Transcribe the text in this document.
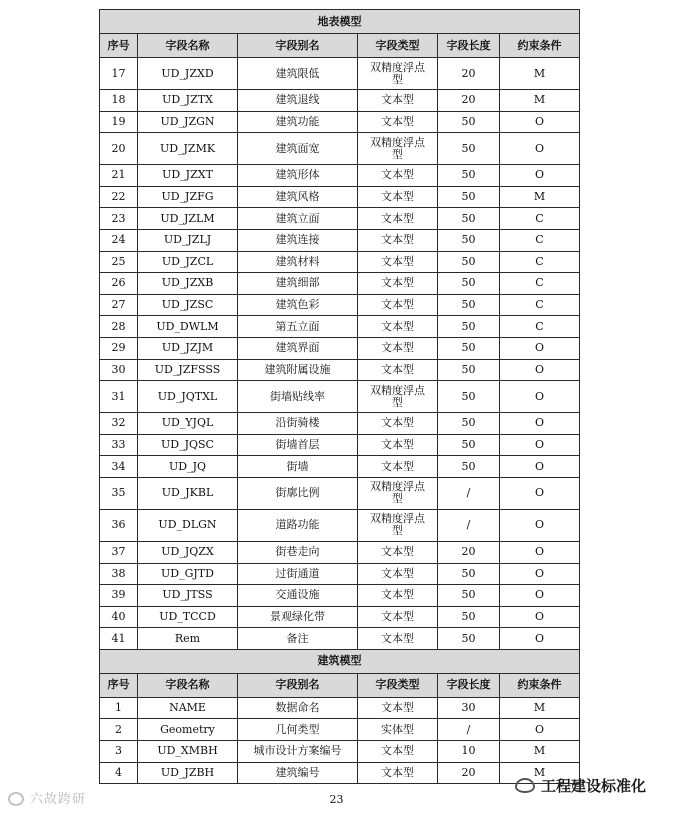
地表模型					
序号	字段名称	字段别名	字段类型	字段长度	约束条件
17	UD_JZXD	建筑限低	双精度浮点型	20	M
18	UD_JZTX	建筑退线	文本型	20	M
19	UD_JZGN	建筑功能	文本型	50	O
20	UD_JZMK	建筑面宽	双精度浮点型	50	O
21	UD_JZXT	建筑形体	文本型	50	O
22	UD_JZFG	建筑风格	文本型	50	M
23	UD_JZLM	建筑立面	文本型	50	C
24	UD_JZLJ	建筑连接	文本型	50	C
25	UD_JZCL	建筑材料	文本型	50	C
26	UD_JZXB	建筑细部	文本型	50	C
27	UD_JZSC	建筑色彩	文本型	50	C
28	UD_DWLM	第五立面	文本型	50	C
29	UD_JZJM	建筑界面	文本型	50	O
30	UD_JZFSSS	建筑附属设施	文本型	50	O
31	UD_JQTXL	街墙贴线率	双精度浮点型	50	O
32	UD_YJQL	沿街骑楼	文本型	50	O
33	UD_JQSC	街墙首层	文本型	50	O
34	UD_JQ	街墙	文本型	50	O
35	UD_JKBL	街廓比例	双精度浮点型	/	O
36	UD_DLGN	道路功能	双精度浮点型	/	O
37	UD_JQZX	街巷走向	文本型	20	O
38	UD_GJTD	过街通道	文本型	50	O
39	UD_JTSS	交通设施	文本型	50	O
40	UD_TCCD	景观绿化带	文本型	50	O
41	Rem	备注	文本型	50	O
建筑模型					
序号	字段名称	字段别名	字段类型	字段长度	约束条件
1	NAME	数据命名	文本型	30	M
2	Geometry	几何类型	实体型	/	O
3	UD_XMBH	城市设计方案编号	文本型	10	M
4	UD_JZBH	建筑编号	文本型	20	M
23
六故跨研
工程建设标准化
